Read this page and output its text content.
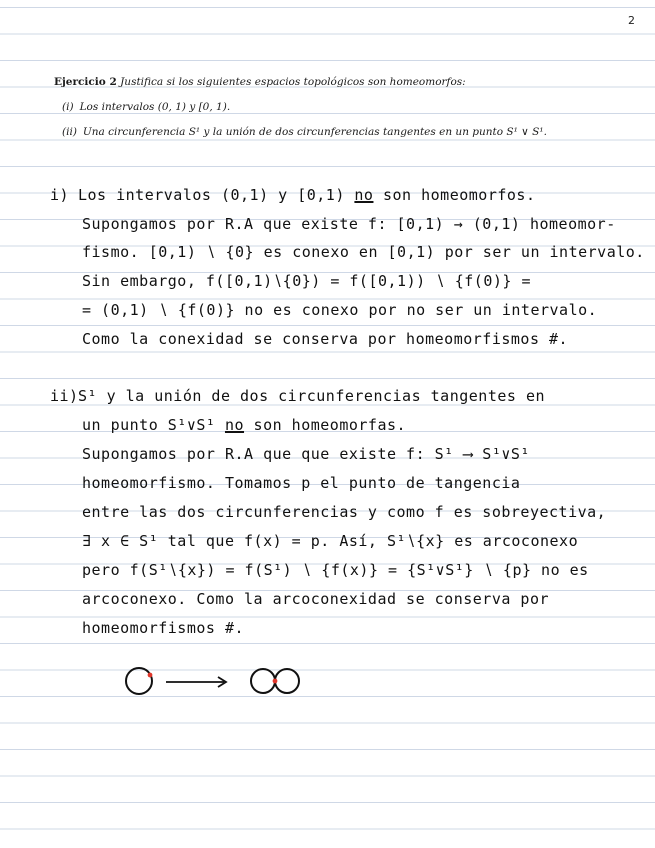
2
Ejercicio 2 Justifica si los siguientes espacios topológicos son homeomorfos:
(i) Los intervalos (0, 1) y [0, 1).
(ii) Una circunferencia S¹ y la unión de dos circunferencias tangentes en un punto S¹ ∨ S¹.
i) Los intervalos (0,1) y [0,1) no son homeomorfos.
Supongamos por R.A que existe f: [0,1) → (0,1) homeomor-
fismo. [0,1) ∖ {0} es conexo en [0,1) por ser un intervalo.
Sin embargo, f([0,1)∖{0}) = f([0,1)) ∖ {f(0)} =
= (0,1) ∖ {f(0)} no es conexo por no ser un intervalo.
Como la conexidad se conserva por homeomorfismos #.
ii)S¹ y la unión de dos circunferencias tangentes en
un punto S¹∨S¹ no son homeomorfas.
Supongamos por R.A que que existe f: S¹ ⟶ S¹∨S¹
homeomorfismo. Tomamos p el punto de tangencia
entre las dos circunferencias y como f es sobreyectiva,
∃ x ∈ S¹ tal que f(x) = p. Así, S¹∖{x} es arcoconexo
pero f(S¹∖{x}) = f(S¹) ∖ {f(x)} = {S¹∨S¹} ∖ {p} no es
arcoconexo. Como la arcoconexidad se conserva por
homeomorfismos #.
